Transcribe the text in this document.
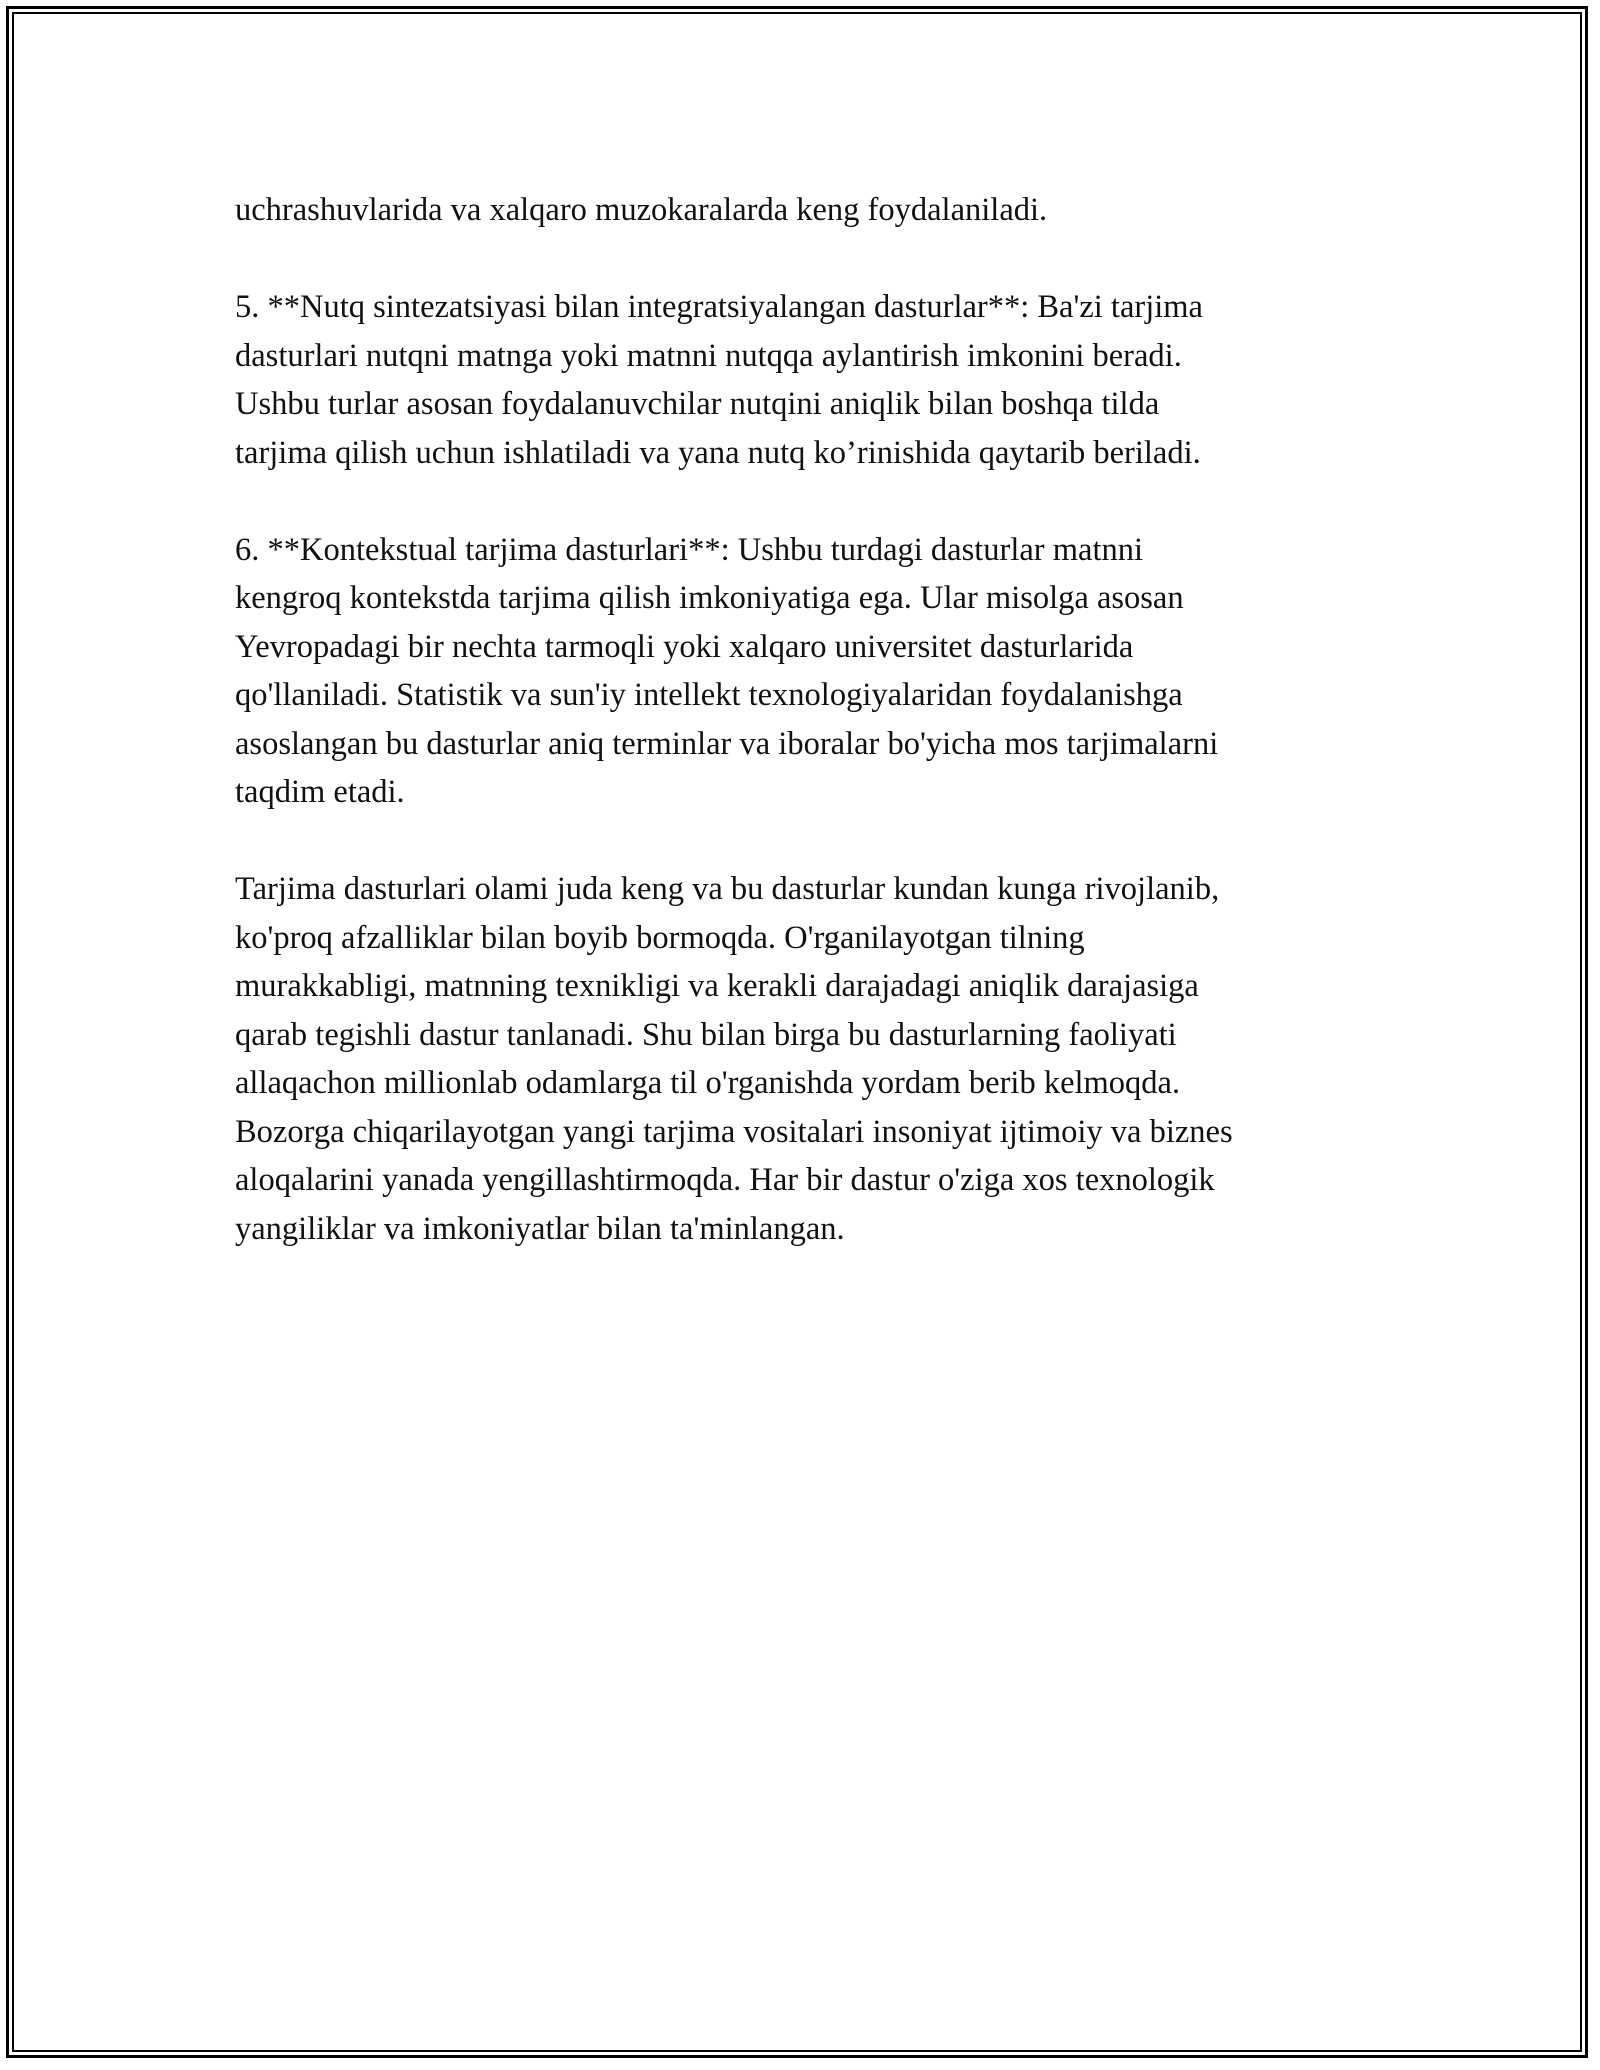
uchrashuvlarida va xalqaro muzokaralarda keng foydalaniladi.

5. **Nutq sintezatsiyasi bilan integratsiyalangan dasturlar**: Ba'zi tarjima
dasturlari nutqni matnga yoki matnni nutqqa aylantirish imkonini beradi.
Ushbu turlar asosan foydalanuvchilar nutqini aniqlik bilan boshqa tilda
tarjima qilish uchun ishlatiladi va yana nutq ko’rinishida qaytarib beriladi.

6. **Kontekstual tarjima dasturlari**: Ushbu turdagi dasturlar matnni
kengroq kontekstda tarjima qilish imkoniyatiga ega. Ular misolga asosan
Yevropadagi bir nechta tarmoqli yoki xalqaro universitet dasturlarida
qo'llaniladi. Statistik va sun'iy intellekt texnologiyalaridan foydalanishga
asoslangan bu dasturlar aniq terminlar va iboralar bo'yicha mos tarjimalarni
taqdim etadi.

Tarjima dasturlari olami juda keng va bu dasturlar kundan kunga rivojlanib,
ko'proq afzalliklar bilan boyib bormoqda. O'rganilayotgan tilning
murakkabligi, matnning texnikligi va kerakli darajadagi aniqlik darajasiga
qarab tegishli dastur tanlanadi. Shu bilan birga bu dasturlarning faoliyati
allaqachon millionlab odamlarga til o'rganishda yordam berib kelmoqda.
Bozorga chiqarilayotgan yangi tarjima vositalari insoniyat ijtimoiy va biznes
aloqalarini yanada yengillashtirmoqda. Har bir dastur o'ziga xos texnologik
yangiliklar va imkoniyatlar bilan ta'minlangan.
